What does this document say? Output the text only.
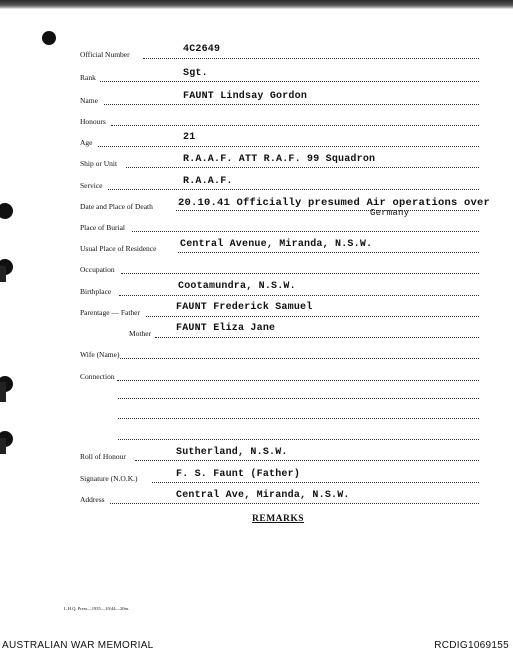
Official Number	4C2649
Rank	Sgt.
Name	FAUNT Lindsay Gordon
Honours
Age	21
Ship or Unit	R.A.A.F. ATT R.A.F. 99 Squadron
Service	R.A.A.F.
Date and Place of Death 20.10.41 Officially presumed Air operations over
Germany
Place of Burial
Usual Place of Residence Central Avenue, Miranda, N.S.W.
Occupation
Birthplace	Cootamundra, N.S.W.
Parentage — Father	FAUNT Frederick Samuel
Mother FAUNT Eliza Jane
Wife (Name)
Connection
Roll of Honour	Sutherland, N.S.W.
Signature (N.O.K.)	F. S. Faunt (Father)
Address	Central Ave, Miranda, N.S.W.
REMARKS
L.H.Q. Press—1935—10/44—20m.
AUSTRALIAN WAR MEMORIAL	RCDIG1069155
